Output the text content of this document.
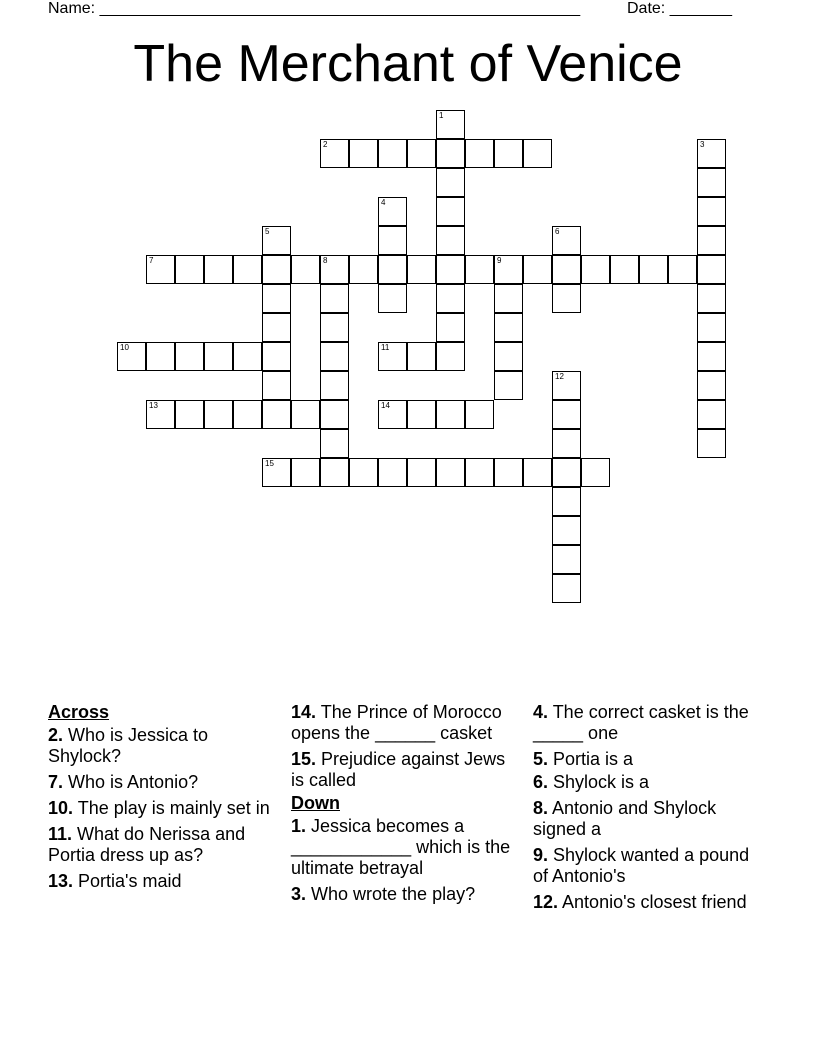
Name: ______________________________________________________	Date: _______
The Merchant of Venice
1
2	3
4
5	6
7	8	9
10	11
12
13	14
15
Across
2. Who is Jessica to Shylock?
7. Who is Antonio?
10. The play is mainly set in
11. What do Nerissa and Portia dress up as?
13. Portia's maid
14. The Prince of Morocco opens the ______ casket
15. Prejudice against Jews is called
Down
1. Jessica becomes a ____________ which is the ultimate betrayal
3. Who wrote the play?
4. The correct casket is the _____ one
5. Portia is a
6. Shylock is a
8. Antonio and Shylock signed a
9. Shylock wanted a pound of Antonio's
12. Antonio's closest friend
